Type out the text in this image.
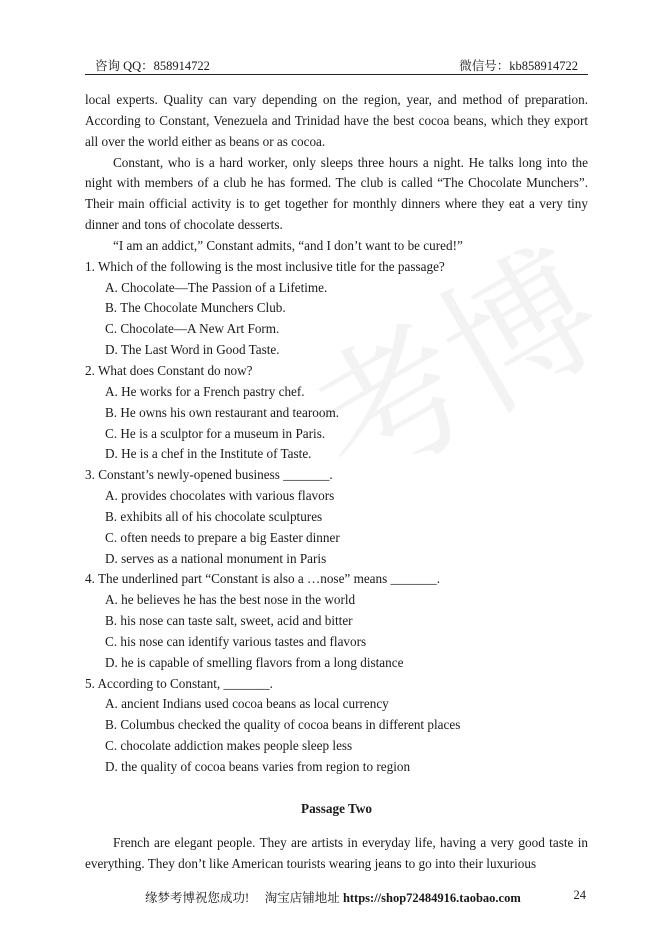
咨询 QQ：858914722	微信号：kb858914722

local experts. Quality can vary depending on the region, year, and method of preparation. According to Constant, Venezuela and Trinidad have the best cocoa beans, which they export all over the world either as beans or as cocoa.

Constant, who is a hard worker, only sleeps three hours a night. He talks long into the night with members of a club he has formed. The club is called “The Chocolate Munchers”. Their main official activity is to get together for monthly dinners where they eat a very tiny dinner and tons of chocolate desserts.

“I am an addict,” Constant admits, “and I don’t want to be cured!”

1. Which of the following is the most inclusive title for the passage?

A. Chocolate—The Passion of a Lifetime.

B. The Chocolate Munchers Club.

C. Chocolate—A New Art Form.

D. The Last Word in Good Taste.

2. What does Constant do now?

A. He works for a French pastry chef.

B. He owns his own restaurant and tearoom.

C. He is a sculptor for a museum in Paris.

D. He is a chef in the Institute of Taste.

3. Constant’s newly-opened business _______.

A. provides chocolates with various flavors

B. exhibits all of his chocolate sculptures

C. often needs to prepare a big Easter dinner

D. serves as a national monument in Paris

4. The underlined part “Constant is also a …nose” means _______.

A. he believes he has the best nose in the world

B. his nose can taste salt, sweet, acid and bitter

C. his nose can identify various tastes and flavors

D. he is capable of smelling flavors from a long distance

5. According to Constant, _______.

A. ancient Indians used cocoa beans as local currency

B. Columbus checked the quality of cocoa beans in different places

C. chocolate addiction makes people sleep less

D. the quality of cocoa beans varies from region to region

Passage Two

French are elegant people. They are artists in everyday life, having a very good taste in everything. They don’t like American tourists wearing jeans to go into their luxurious

缘梦考博祝您成功! 淘宝店铺地址 https://shop72484916.taobao.com	24
